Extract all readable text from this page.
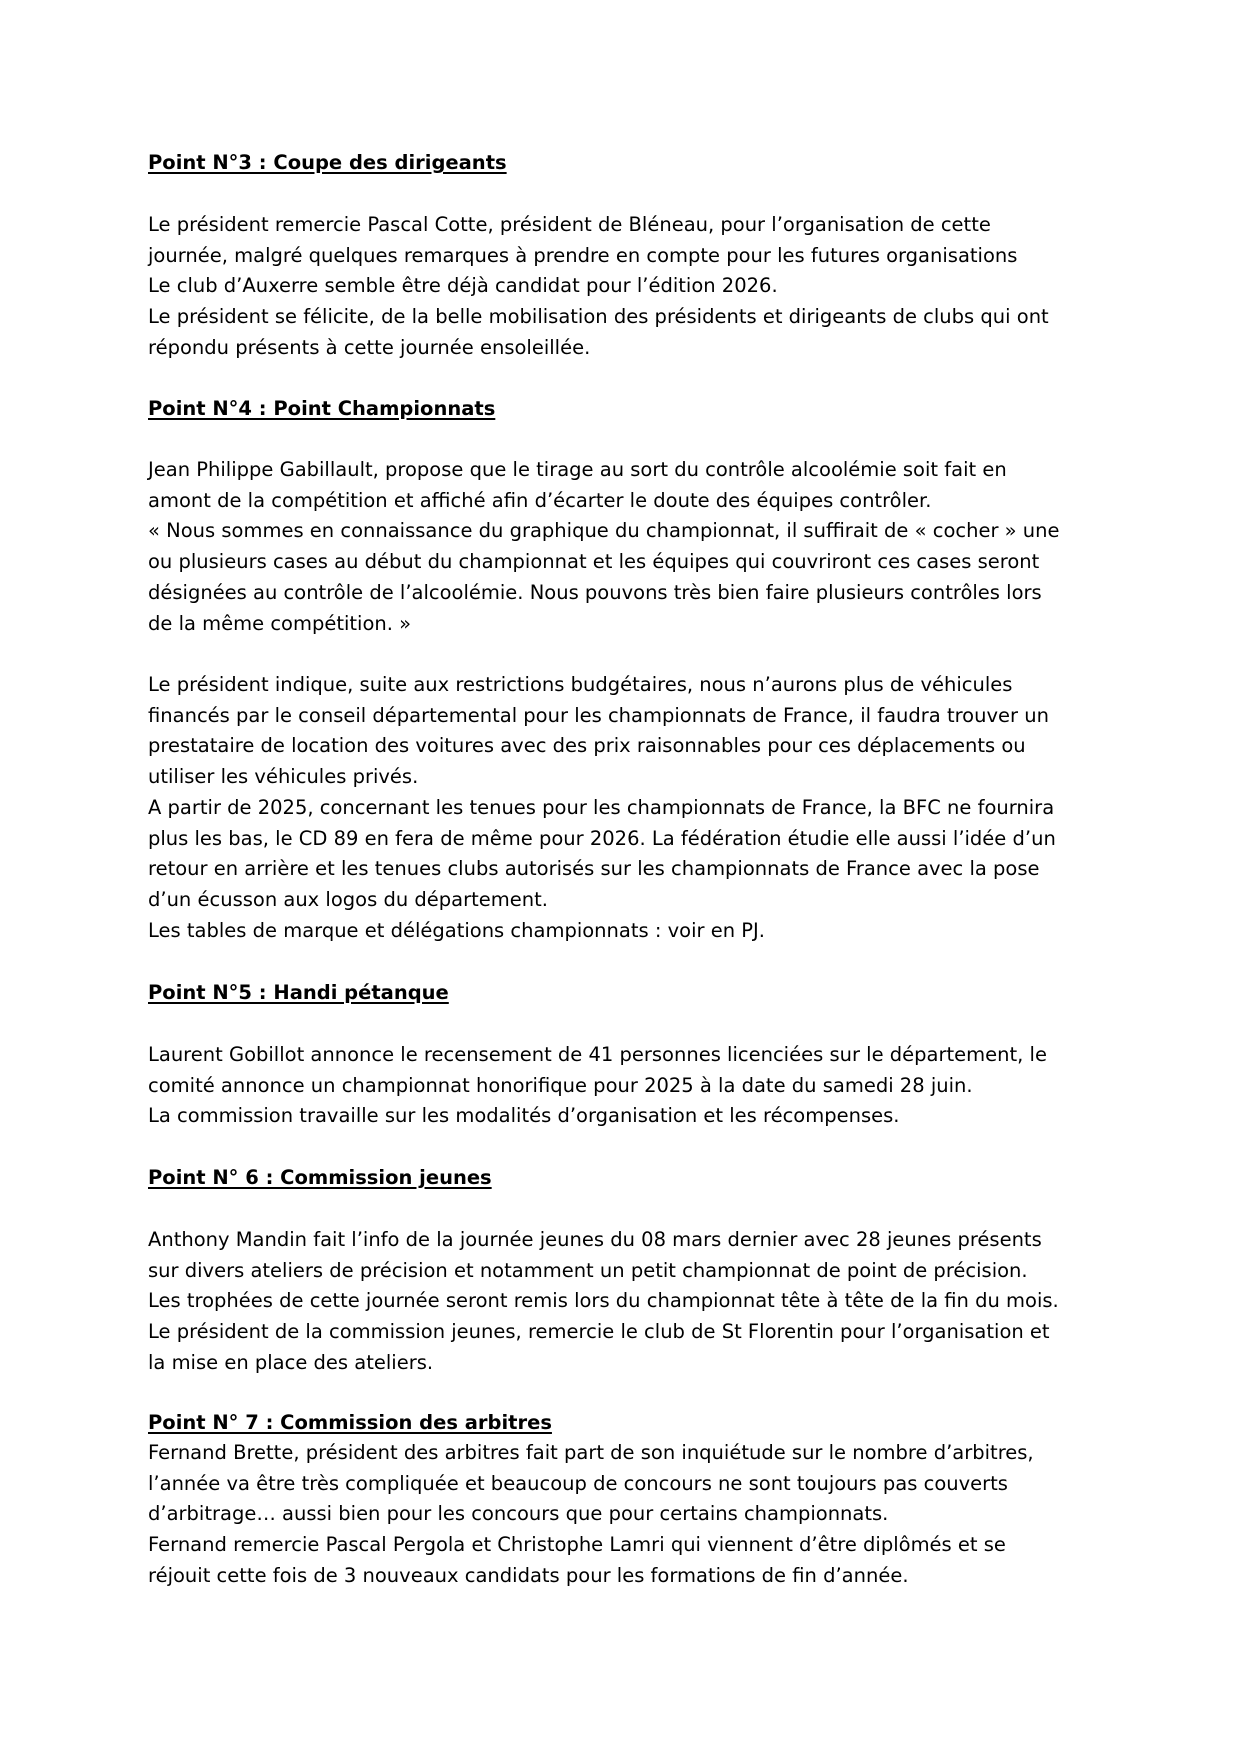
Point N°3 : Coupe des dirigeants

Le président remercie Pascal Cotte, président de Bléneau, pour l’organisation de cette

journée, malgré quelques remarques à prendre en compte pour les futures organisations

Le club d’Auxerre semble être déjà candidat pour l’édition 2026.

Le président se félicite, de la belle mobilisation des présidents et dirigeants de clubs qui ont

répondu présents à cette journée ensoleillée.

Point N°4 : Point Championnats

Jean Philippe Gabillault, propose que le tirage au sort du contrôle alcoolémie soit fait en

amont de la compétition et affiché afin d’écarter le doute des équipes contrôler.

« Nous sommes en connaissance du graphique du championnat, il suffirait de « cocher » une

ou plusieurs cases au début du championnat et les équipes qui couvriront ces cases seront

désignées au contrôle de l’alcoolémie. Nous pouvons très bien faire plusieurs contrôles lors

de la même compétition. »

Le président indique, suite aux restrictions budgétaires, nous n’aurons plus de véhicules

financés par le conseil départemental pour les championnats de France, il faudra trouver un

prestataire de location des voitures avec des prix raisonnables pour ces déplacements ou

utiliser les véhicules privés.

A partir de 2025, concernant les tenues pour les championnats de France, la BFC ne fournira

plus les bas, le CD 89 en fera de même pour 2026. La fédération étudie elle aussi l’idée d’un

retour en arrière et les tenues clubs autorisés sur les championnats de France avec la pose

d’un écusson aux logos du département.

Les tables de marque et délégations championnats : voir en PJ.

Point N°5 : Handi pétanque

Laurent Gobillot annonce le recensement de 41 personnes licenciées sur le département, le

comité annonce un championnat honorifique pour 2025 à la date du samedi 28 juin.

La commission travaille sur les modalités d’organisation et les récompenses.

Point N° 6 : Commission jeunes

Anthony Mandin fait l’info de la journée jeunes du 08 mars dernier avec 28 jeunes présents

sur divers ateliers de précision et notamment un petit championnat de point de précision.

Les trophées de cette journée seront remis lors du championnat tête à tête de la fin du mois.

Le président de la commission jeunes, remercie le club de St Florentin pour l’organisation et

la mise en place des ateliers.

Point N° 7 : Commission des arbitres

Fernand Brette, président des arbitres fait part de son inquiétude sur le nombre d’arbitres,

l’année va être très compliquée et beaucoup de concours ne sont toujours pas couverts

d’arbitrage… aussi bien pour les concours que pour certains championnats.

Fernand remercie Pascal Pergola et Christophe Lamri qui viennent d’être diplômés et se

réjouit cette fois de 3 nouveaux candidats pour les formations de fin d’année.
